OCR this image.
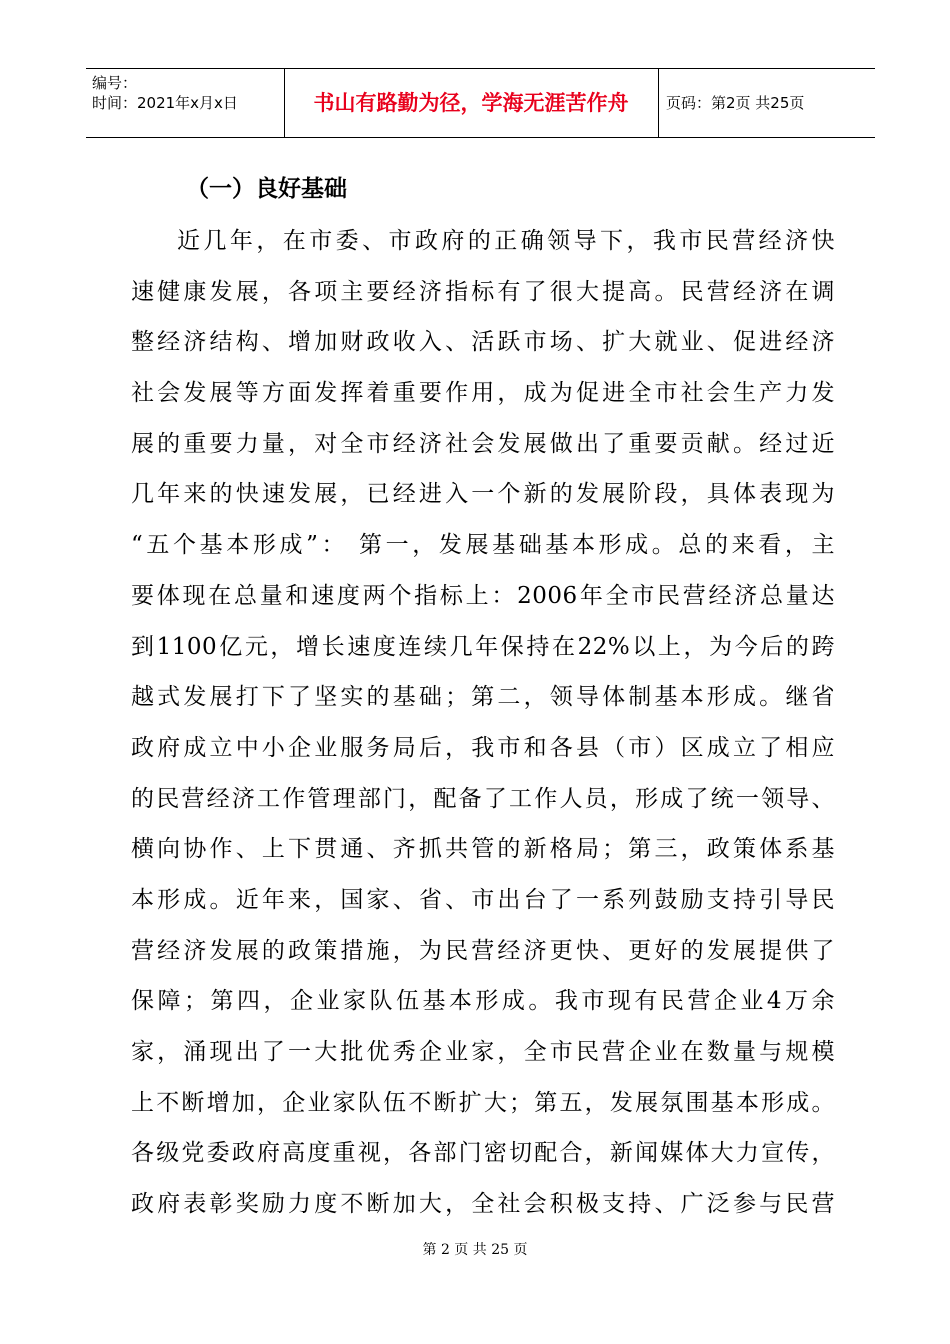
编号：
时间：2021年x月x日	书山有路勤为径，学海无涯苦作舟	页码：第2页 共25页
（一）良好基础
近几年，在市委、市政府的正确领导下，我市民营经济快
速健康发展，各项主要经济指标有了很大提高。民营经济在调
整经济结构、增加财政收入、活跃市场、扩大就业、促进经济
社会发展等方面发挥着重要作用，成为促进全市社会生产力发
展的重要力量，对全市经济社会发展做出了重要贡献。经过近
几年来的快速发展，已经进入一个新的发展阶段，具体表现为
“五个基本形成”： 第一，发展基础基本形成。总的来看，主
要体现在总量和速度两个指标上：2006年全市民营经济总量达
到1100亿元，增长速度连续几年保持在22%以上，为今后的跨
越式发展打下了坚实的基础；第二，领导体制基本形成。继省
政府成立中小企业服务局后，我市和各县（市）区成立了相应
的民营经济工作管理部门，配备了工作人员，形成了统一领导、
横向协作、上下贯通、齐抓共管的新格局；第三，政策体系基
本形成。近年来，国家、省、市出台了一系列鼓励支持引导民
营经济发展的政策措施，为民营经济更快、更好的发展提供了
保障；第四，企业家队伍基本形成。我市现有民营企业4万余
家，涌现出了一大批优秀企业家，全市民营企业在数量与规模
上不断增加，企业家队伍不断扩大；第五，发展氛围基本形成。
各级党委政府高度重视，各部门密切配合，新闻媒体大力宣传，
政府表彰奖励力度不断加大，全社会积极支持、广泛参与民营
第 2 页 共 25 页
